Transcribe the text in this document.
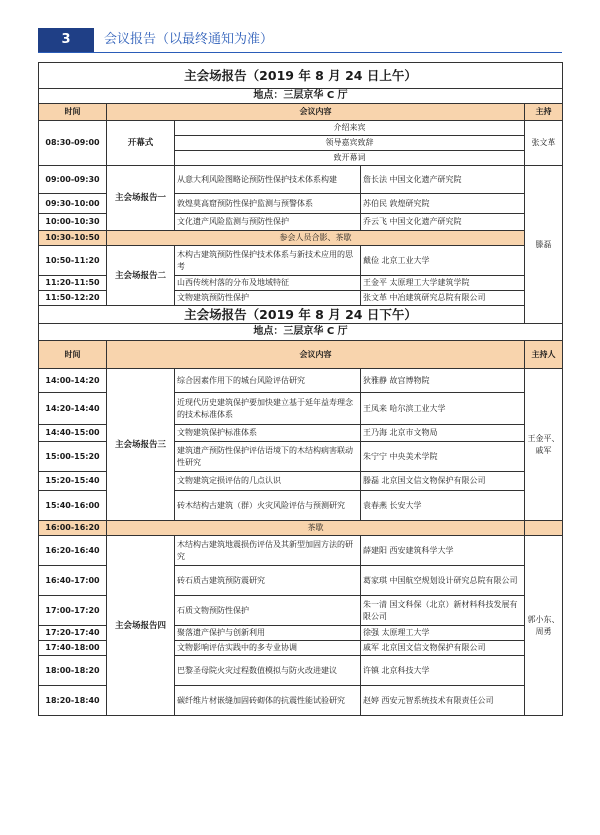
3	会议报告（以最终通知为准）
主会场报告（2019 年 8 月 24 日上午）				
地点：三层京华 C 厅				
时间	会议内容			主持
08:30-09:00	开幕式	介绍来宾		张文革
		领导嘉宾致辞		
		致开幕词		
09:00-09:30	主会场报告一	从意大利风险图略论预防性保护技术体系构建	詹长法 中国文化遗产研究院	滕磊
09:30-10:00		敦煌莫高窟预防性保护监测与预警体系	苏伯民 敦煌研究院	
10:00-10:30		文化遗产风险监测与预防性保护	乔云飞 中国文化遗产研究院	
10:30-10:50	参会人员合影、茶歇			
10:50-11:20	主会场报告二	木构古建筑预防性保护技术体系与新技术应用的思考	戴俭 北京工业大学	
11:20-11:50		山西传统村落的分布及地域特征	王金平 太原理工大学建筑学院	
11:50-12:20		文物建筑预防性保护	张文革 中冶建筑研究总院有限公司	
主会场报告（2019 年 8 月 24 日下午）				
地点：三层京华 C 厅				
时间	会议内容			主持人
14:00-14:20	主会场报告三	综合因素作用下的城台风险评估研究	狄雅静 故宫博物院	王金平、戚军
14:20-14:40		近现代历史建筑保护要加快建立基于延年益寿理念的技术标准体系	王凤来 哈尔滨工业大学	
14:40-15:00		文物建筑保护标准体系	王乃海 北京市文物局	
15:00-15:20		建筑遗产预防性保护评估语境下的木结构病害联动性研究	朱宁宁 中央美术学院	
15:20-15:40		文物建筑定损评估的几点认识	滕磊 北京国文信文物保护有限公司	
15:40-16:00		砖木结构古建筑（群）火灾风险评估与预测研究	袁春燕 长安大学	
16:00-16:20	茶歇			
16:20-16:40	主会场报告四	木结构古建筑地震损伤评估及其新型加固方法的研究	薛建阳 西安建筑科学大学	郭小东、周勇
16:40-17:00		砖石质古建筑预防震研究	葛家琪 中国航空规划设计研究总院有限公司	
17:00-17:20		石质文物预防性保护	朱一清 国文科保（北京）新材料科技发展有限公司	
17:20-17:40		聚落遗产保护与创新利用	徐强 太原理工大学	
17:40-18:00		文物影响评估实践中的多专业协调	戚军 北京国文信文物保护有限公司	
18:00-18:20		巴黎圣母院火灾过程数值模拟与防火改进建议	许镇 北京科技大学	
18:20-18:40		碳纤维片材嵌缝加固砖砌体的抗震性能试验研究	赵婷 西安元智系统技术有限责任公司	
